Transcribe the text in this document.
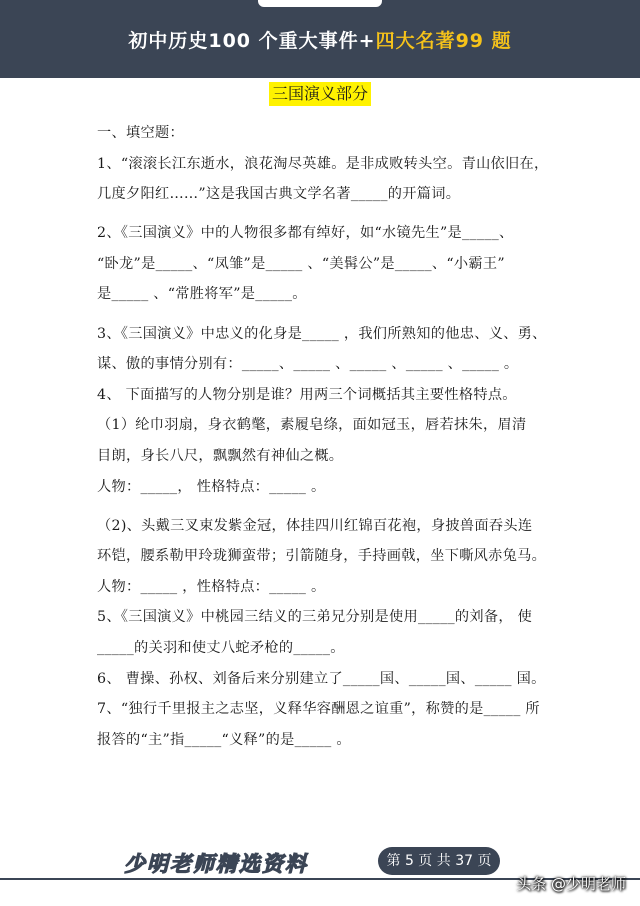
初中历史100 个重大事件+四大名著99 题
三国演义部分
一、填空题：
1、“滚滚长江东逝水，浪花淘尽英雄。是非成败转头空。青山依旧在，
几度夕阳红……”这是我国古典文学名著_____的开篇词。
2、《三国演义》中的人物很多都有绰好，如“水镜先生”是_____、
“卧龙”是_____、“凤雏”是_____ 、“美髯公”是_____、“小霸王”
是_____ 、“常胜将军”是_____。
3、《三国演义》中忠义的化身是_____ ，我们所熟知的他忠、义、勇、
谋、傲的事情分别有：_____、_____ 、_____ 、_____ 、_____ 。
4、 下面描写的人物分别是谁？用两三个词概括其主要性格特点。
（1）纶巾羽扇，身衣鹤氅，素履皂绦，面如冠玉，唇若抹朱，眉清
目朗，身长八尺，飘飘然有神仙之概。
人物：_____， 性格特点：_____ 。
（2)、头戴三叉束发紫金冠，体挂四川红锦百花袍，身披兽面吞头连
环铠，腰系勒甲玲珑狮蛮带；引箭随身，手持画戟，坐下嘶风赤兔马。
人物：_____ ，性格特点：_____ 。
5、《三国演义》中桃园三结义的三弟兄分别是使用_____的刘备， 使
_____的关羽和使丈八蛇矛枪的_____。
6、 曹操、孙权、刘备后来分别建立了_____国、_____国、_____ 国。
7、“独行千里报主之志坚，义释华容酬恩之谊重”，称赞的是_____ 所
报答的“主”指_____“义释”的是_____ 。
少明老师精选资料	第 5 页 共 37 页
头条 @少明老师
